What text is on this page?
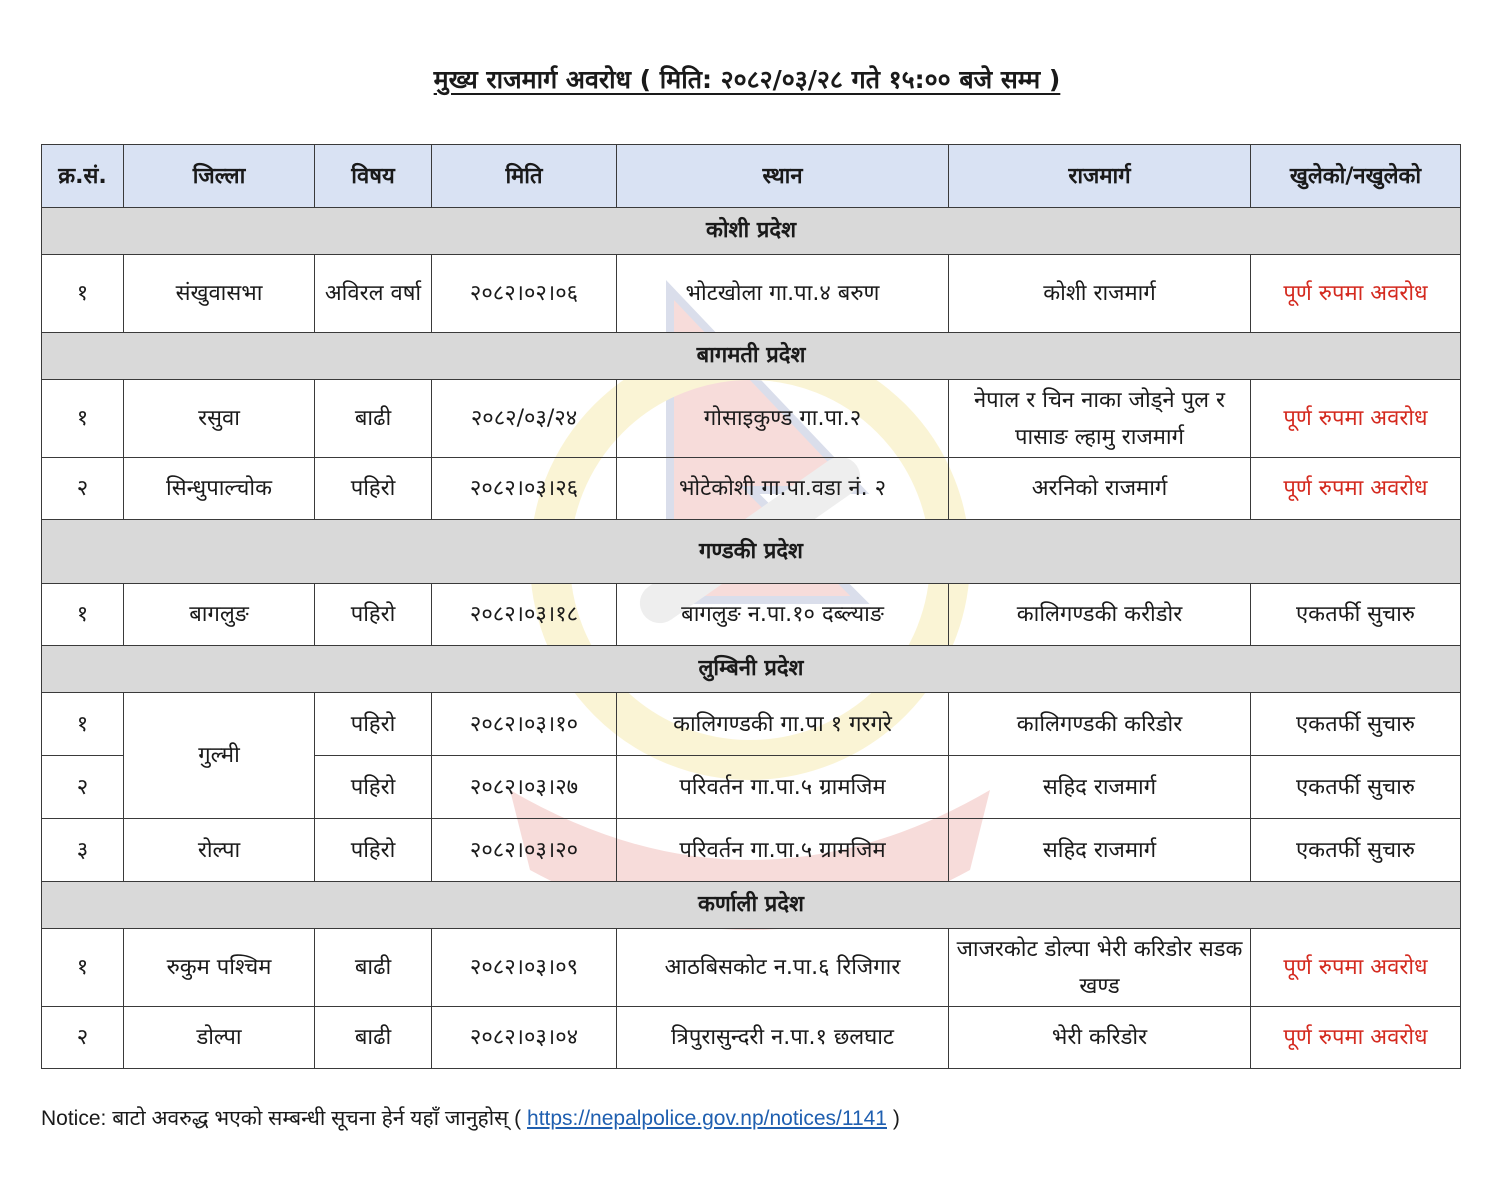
मुख्य राजमार्ग अवरोध ( मिति: २०८२/०३/२८ गते १५:०० बजे सम्म )
क्र.सं.	जिल्ला	विषय	मिति	स्थान	राजमार्ग	खुलेको/नखुलेको
कोशी प्रदेश						
१	संखुवासभा	अविरल वर्षा	२०८२।०२।०६	भोटखोला गा.पा.४ बरुण	कोशी राजमार्ग	पूर्ण रुपमा अवरोध
बागमती प्रदेश						
१	रसुवा	बाढी	२०८२/०३/२४	गोसाइकुण्ड गा.पा.२	नेपाल र चिन नाका जोड्ने पुल र पासाङ ल्हामु राजमार्ग	पूर्ण रुपमा अवरोध
२	सिन्धुपाल्चोक	पहिरो	२०८२।०३।२६	भोटेकोशी गा.पा.वडा नं. २	अरनिको राजमार्ग	पूर्ण रुपमा अवरोध
गण्डकी प्रदेश						
१	बागलुङ	पहिरो	२०८२।०३।१८	बागलुङ न.पा.१० दब्ल्याङ	कालिगण्डकी करीडोर	एकतर्फी सुचारु
लुम्बिनी प्रदेश						
१	गुल्मी	पहिरो	२०८२।०३।१०	कालिगण्डकी गा.पा १ गरगरे	कालिगण्डकी करिडोर	एकतर्फी सुचारु
२		पहिरो	२०८२।०३।२७	परिवर्तन गा.पा.५ ग्रामजिम	सहिद राजमार्ग	एकतर्फी सुचारु
३	रोल्पा	पहिरो	२०८२।०३।२०	परिवर्तन गा.पा.५ ग्रामजिम	सहिद राजमार्ग	एकतर्फी सुचारु
कर्णाली प्रदेश						
१	रुकुम पश्चिम	बाढी	२०८२।०३।०९	आठबिसकोट न.पा.६ रिजिगार	जाजरकोट डोल्पा भेरी करिडोर सडक खण्ड	पूर्ण रुपमा अवरोध
२	डोल्पा	बाढी	२०८२।०३।०४	त्रिपुरासुन्दरी न.पा.१ छलघाट	भेरी करिडोर	पूर्ण रुपमा अवरोध
Notice: बाटो अवरुद्ध भएको सम्बन्धी सूचना हेर्न यहाँ जानुहोस् ( https://nepalpolice.gov.np/notices/1141 )
